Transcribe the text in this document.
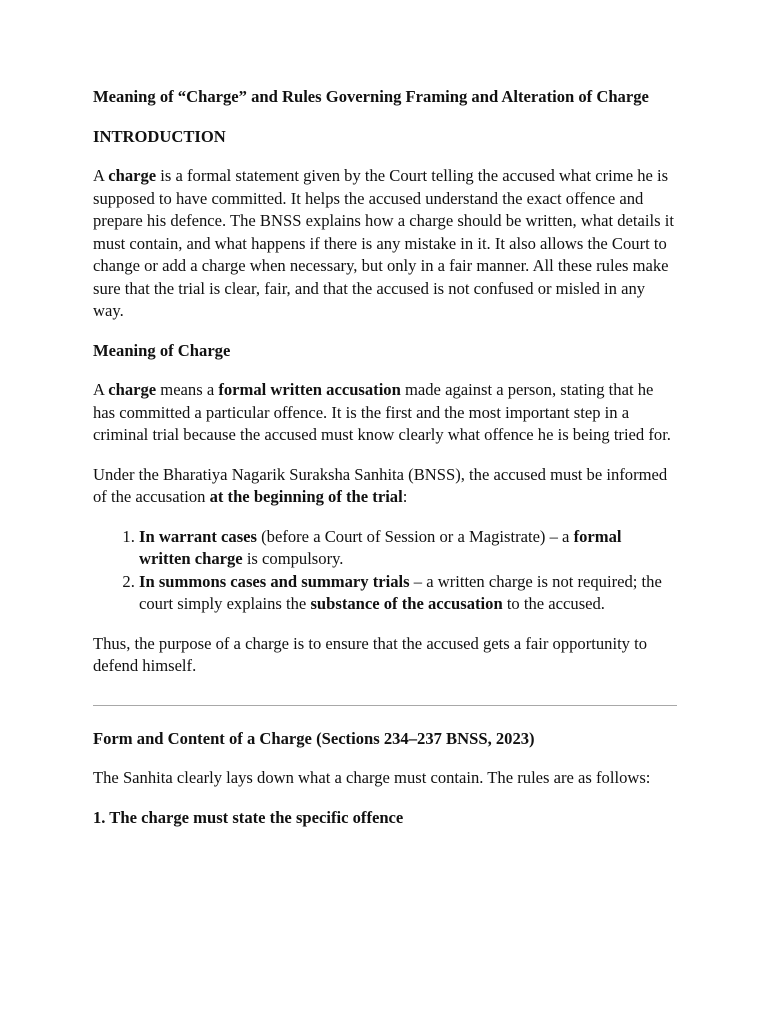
Meaning of “Charge” and Rules Governing Framing and Alteration of Charge
INTRODUCTION

A charge is a formal statement given by the Court telling the accused what crime he is supposed to have committed. It helps the accused understand the exact offence and prepare his defence. The BNSS explains how a charge should be written, what details it must contain, and what happens if there is any mistake in it. It also allows the Court to change or add a charge when necessary, but only in a fair manner. All these rules make sure that the trial is clear, fair, and that the accused is not confused or misled in any way.

Meaning of Charge

A charge means a formal written accusation made against a person, stating that he has committed a particular offence. It is the first and the most important step in a criminal trial because the accused must know clearly what offence he is being tried for.

Under the Bharatiya Nagarik Suraksha Sanhita (BNSS), the accused must be informed of the accusation at the beginning of the trial:

1. In warrant cases (before a Court of Session or a Magistrate) – a formal written charge is compulsory.
2. In summons cases and summary trials – a written charge is not required; the court simply explains the substance of the accusation to the accused.

Thus, the purpose of a charge is to ensure that the accused gets a fair opportunity to defend himself.

Form and Content of a Charge (Sections 234–237 BNSS, 2023)

The Sanhita clearly lays down what a charge must contain. The rules are as follows:

1. The charge must state the specific offence
